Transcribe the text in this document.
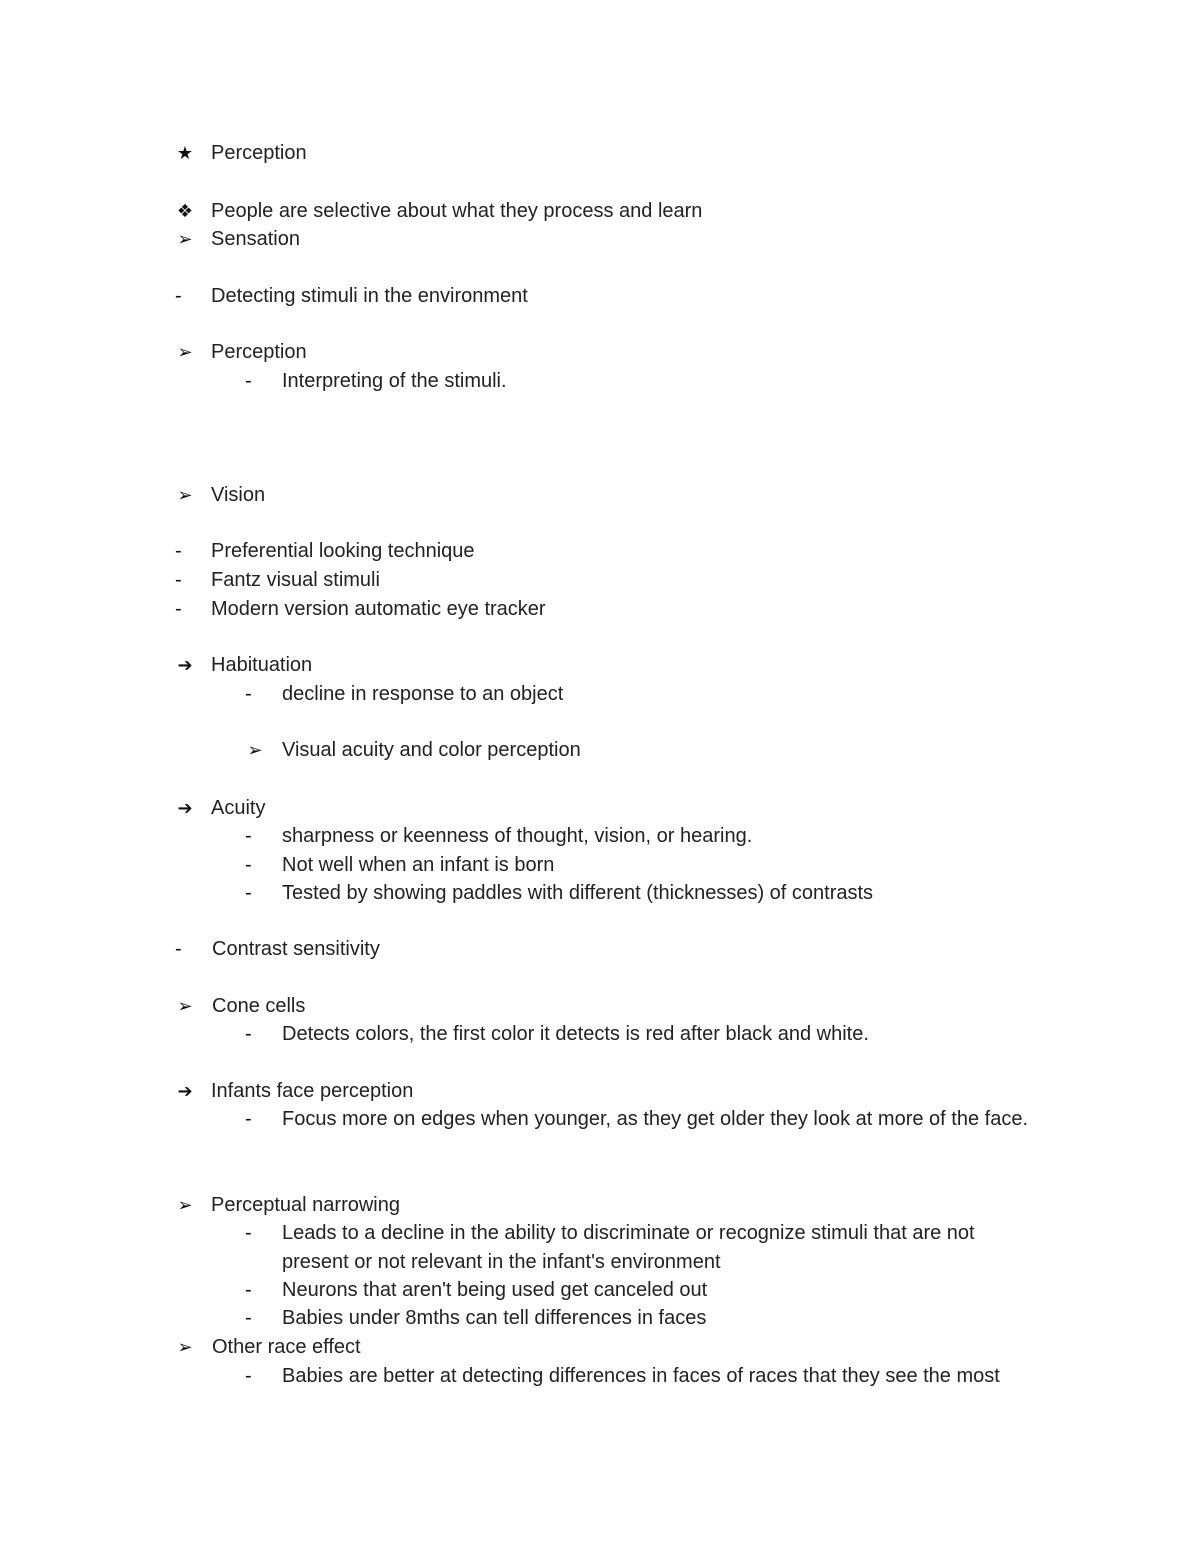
★ Perception
❖ People are selective about what they process and learn
➢ Sensation
-	Detecting stimuli in the environment
➢ Perception
-	Interpreting of the stimuli.
➢ Vision
-	Preferential looking technique
-	Fantz visual stimuli
-	Modern version automatic eye tracker
➔ Habituation
-	decline in response to an object
➢ Visual acuity and color perception
➔ Acuity
-	sharpness or keenness of thought, vision, or hearing.
-	Not well when an infant is born
-	Tested by showing paddles with different (thicknesses) of contrasts
-	Contrast sensitivity
➢ Cone cells
-	Detects colors, the first color it detects is red after black and white.
➔ Infants face perception
-	Focus more on edges when younger, as they get older they look at more of the face.
➢ Perceptual narrowing
-	Leads to a decline in the ability to discriminate or recognize stimuli that are not present or not relevant in the infant's environment
-	Neurons that aren't being used get canceled out
-	Babies under 8mths can tell differences in faces
➢ Other race effect
-	Babies are better at detecting differences in faces of races that they see the most
